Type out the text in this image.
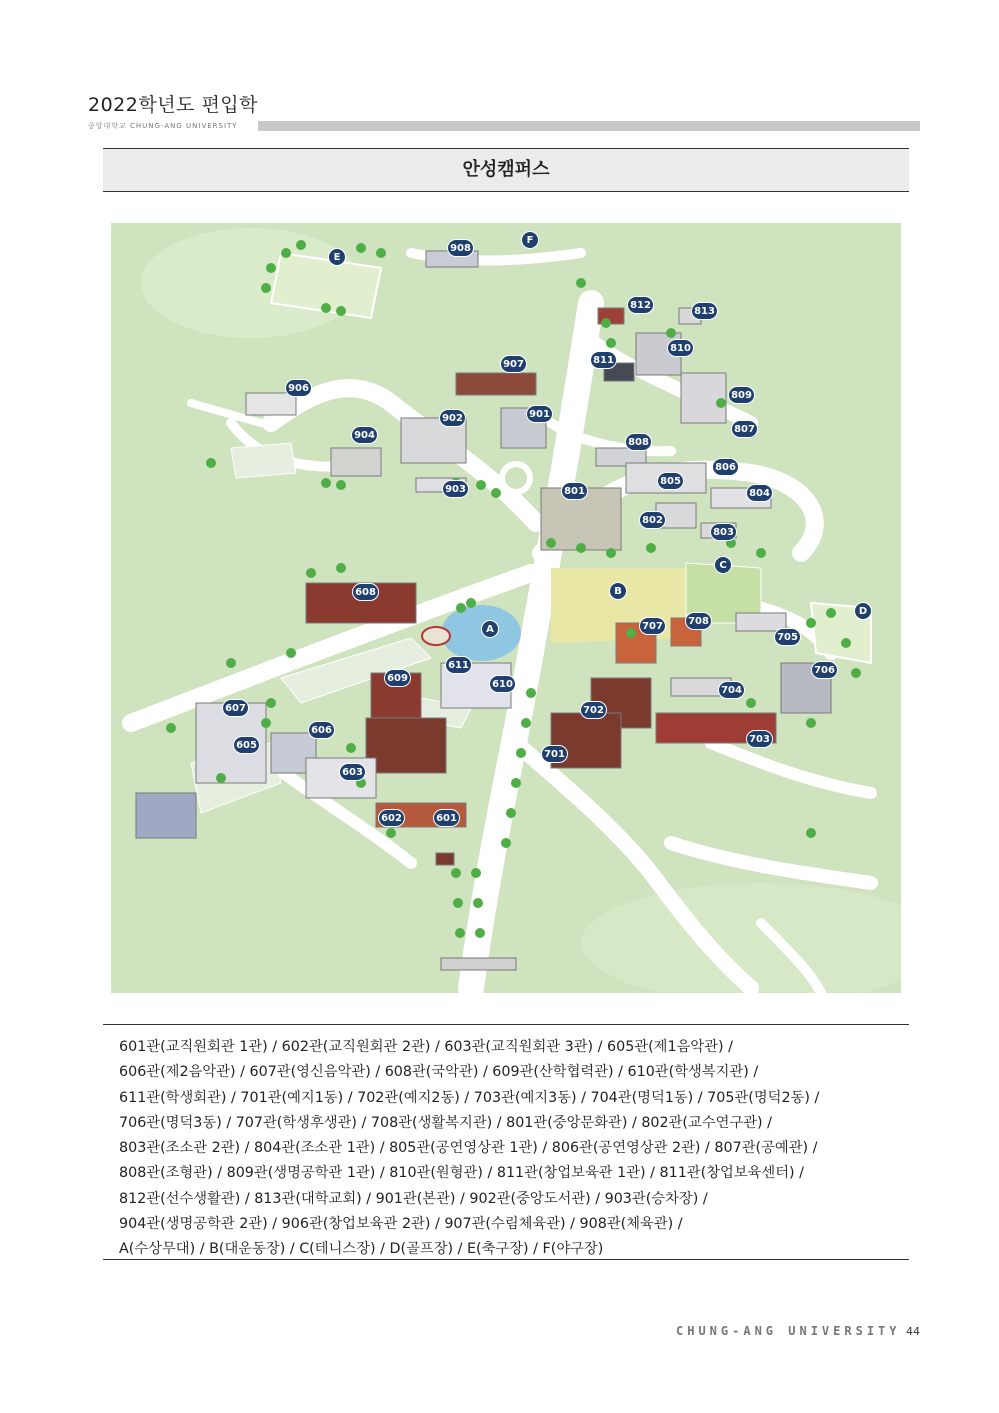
2022학년도 편입학
중앙대학교 CHUNG-ANG UNIVERSITY
안성캠퍼스
908
F
E
812
813
810
811
907
906
809
902	901
904
807
808
806
805
903	801	804
802
803
C
B
608
D
707	708
A
705
611	706
609
610
704
607	702
606
703
605
701
603
602	601
601관(교직원회관 1관) / 602관(교직원회관 2관) / 603관(교직원회관 3관) / 605관(제1음악관) /
606관(제2음악관) / 607관(영신음악관) / 608관(국악관) / 609관(산학협력관) / 610관(학생복지관) /
611관(학생회관) / 701관(예지1동) / 702관(예지2동) / 703관(예지3동) / 704관(명덕1동) / 705관(명덕2동) /
706관(명덕3동) / 707관(학생후생관) / 708관(생활복지관) / 801관(중앙문화관) / 802관(교수연구관) /
803관(조소관 2관) / 804관(조소관 1관) / 805관(공연영상관 1관) / 806관(공연영상관 2관) / 807관(공예관) /
808관(조형관) / 809관(생명공학관 1관) / 810관(원형관) / 811관(창업보육관 1관) / 811관(창업보육센터) /
812관(선수생활관) / 813관(대학교회) / 901관(본관) / 902관(중앙도서관) / 903관(승차장) /
904관(생명공학관 2관) / 906관(창업보육관 2관) / 907관(수림체육관) / 908관(체육관) /
A(수상무대) / B(대운동장) / C(테니스장) / D(골프장) / E(축구장) / F(야구장)
CHUNG-ANG UNIVERSITY 44
